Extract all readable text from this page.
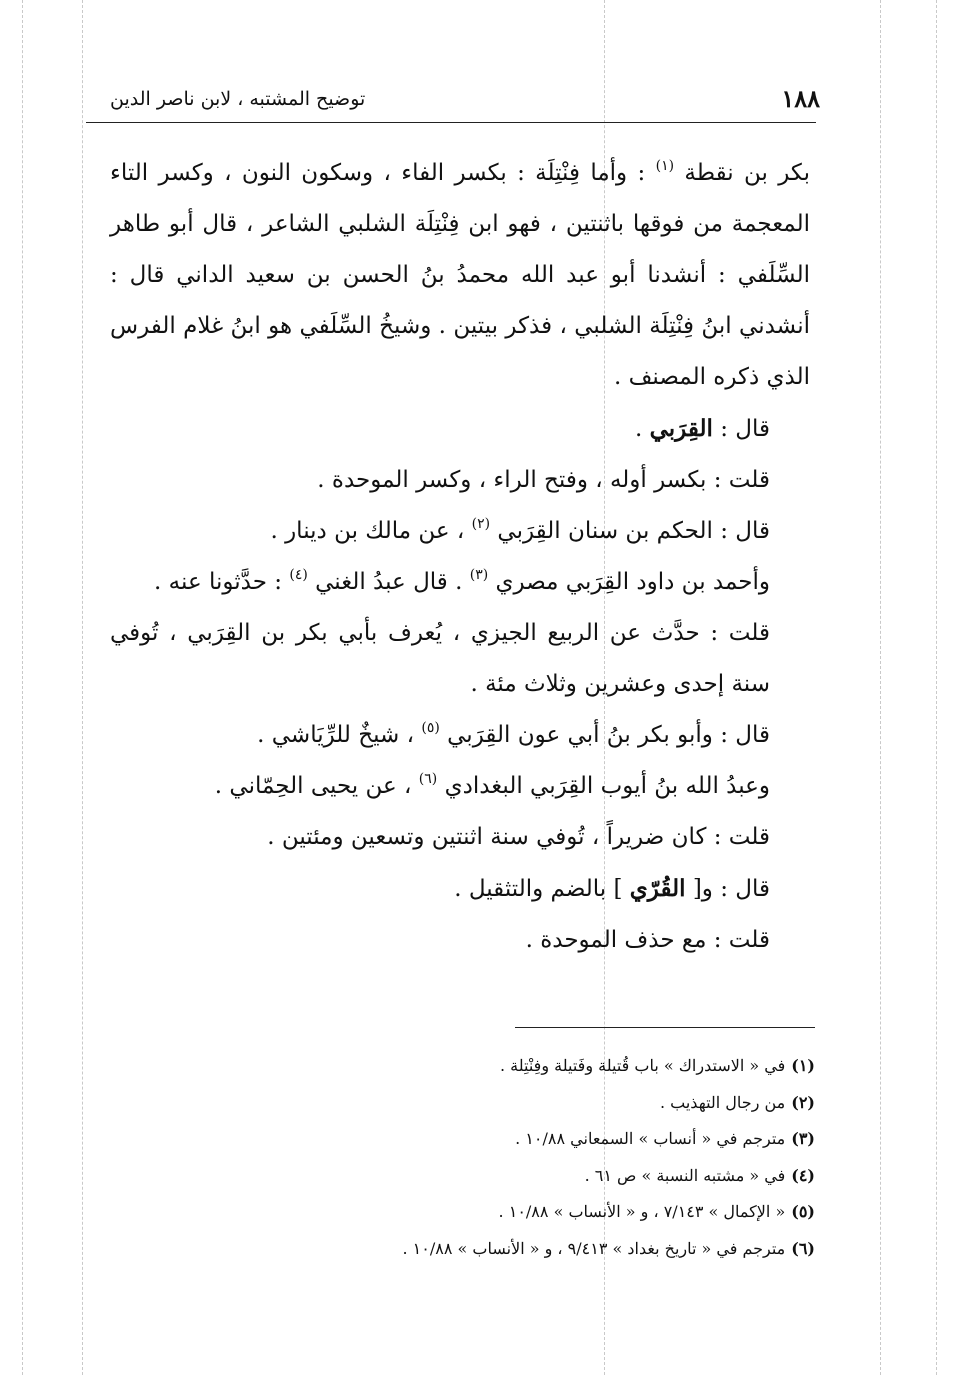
١٨٨
توضيح المشتبه ، لابن ناصر الدين

بكر بن نقطة $^{(١)}$ : وأما فِنْتِلَة : بكسر الفاء ، وسكون النون ، وكسر التاء المعجمة من فوقها باثنتين ، فهو ابن فِنْتِلَة الشلبي الشاعر ، قال أبو طاهر السِّلَفي : أنشدنا أبو عبد الله محمدُ بنُ الحسن بن سعيد الداني قال : أنشدني ابنُ فِنْتِلَة الشلبي ، فذكر بيتين . وشيخُ السِّلَفي هو ابنُ غلام الفرس الذي ذكره المصنف .

قال : القِرَبي .

قلت : بكسر أوله ، وفتح الراء ، وكسر الموحدة .

قال : الحكم بن سنان القِرَبي $^{(٢)}$ ، عن مالك بن دينار .

وأحمد بن داود القِرَبي مصري $^{(٣)}$ . قال عبدُ الغني $^{(٤)}$ : حدَّثونا عنه .

قلت : حدَّث عن الربيع الجيزي ، يُعرف بأبي بكر بن القِرَبي ، تُوفي سنة إحدى وعشرين وثلاث مئة .

قال : وأبو بكر بنُ أبي عون القِرَبي $^{(٥)}$ ، شيخٌ للرِّيَاشي .

وعبدُ الله بنُ أيوب القِرَبي البغدادي $^{(٦)}$ ، عن يحيى الحِمّاني .

قلت : كان ضريراً ، تُوفي سنة اثنتين وتسعين ومئتين .

قال : و[ القُرّي ] بالضم والتثقيل .

قلت : مع حذف الموحدة .

(١)في « الاستدراك » باب قُتيلة وفَتيلة وفِنْتِلة .
(٢)من رجال التهذيب .
(٣)مترجم في « أنساب » السمعاني ١٠/٨٨ .
(٤)في « مشتبه النسبة » ص ٦١ .
(٥)« الإكمال » ٧/١٤٣ ، و « الأنساب » ١٠/٨٨ .
(٦)مترجم في « تاريخ بغداد » ٩/٤١٣ ، و « الأنساب » ١٠/٨٨ .
